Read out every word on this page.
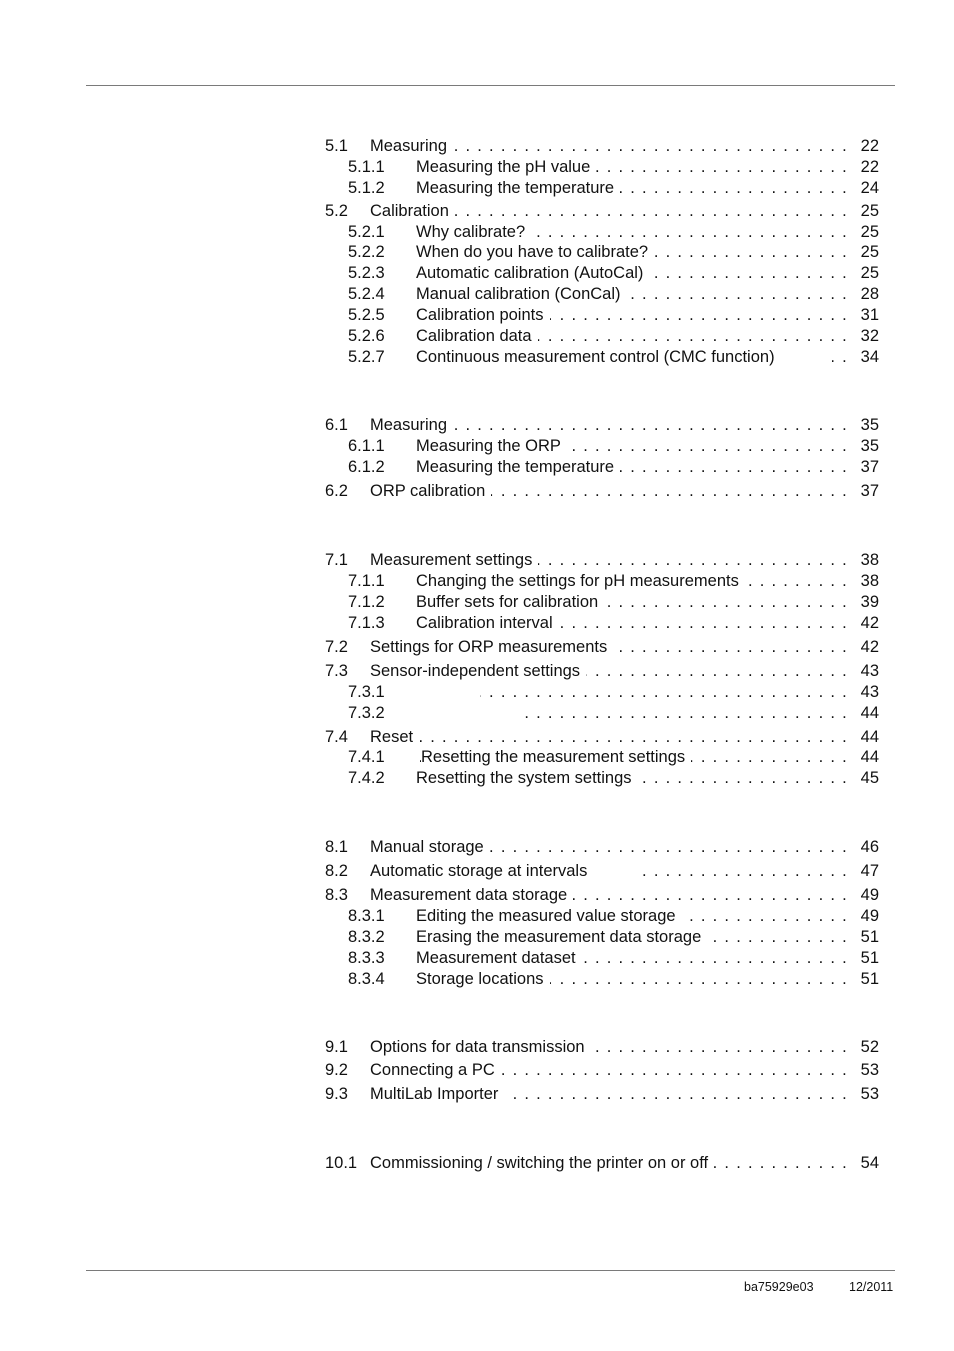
5.1 . . . Measuring	22
5.1.1 . . . Measuring the pH value	22
5.1.2 . . . Measuring the temperature	24
5.2 . . . Calibration	25
5.2.1 . . . Why calibrate?	25
5.2.2 . . . When do you have to calibrate?	25
5.2.3 . . . Automatic calibration (AutoCal)	25
5.2.4 . . . Manual calibration (ConCal)	28
5.2.5 . . . Calibration points	31
5.2.6 . . . Calibration data	32
5.2.7 . . . Continuous measurement control (CMC function)	34
6.1 . . . Measuring	35
6.1.1 . . . Measuring the ORP	35
6.1.2 . . . Measuring the temperature	37
6.2 . . . ORP calibration	37
7.1 . . . Measurement settings	38
7.1.1 . . . Changing the settings for pH measurements	38
7.1.2 . . . Buffer sets for calibration	39
7.1.3 . . . Calibration interval	42
7.2 . . . Settings for ORP measurements	42
7.3 . . . Sensor-independent settings	43
7.3.1 . . .	43
7.3.2 . . .	44
7.4 . . . Reset	44
7.4.1 . . . Resetting the measurement settings	44
7.4.2 . . . Resetting the system settings	45
8.1 . . . Manual storage	46
8.2 . . . Automatic storage at intervals	47
8.3 . . . Measurement data storage	49
8.3.1 . . . Editing the measured value storage	49
8.3.2 . . . Erasing the measurement data storage	51
8.3.3 . . . Measurement dataset	51
8.3.4 . . . Storage locations	51
9.1 . . . Options for data transmission	52
9.2 . . . Connecting a PC	53
9.3 . . . MultiLab Importer	53
10.1 . . . Commissioning / switching the printer on or off	54
ba75929e03	12/2011
